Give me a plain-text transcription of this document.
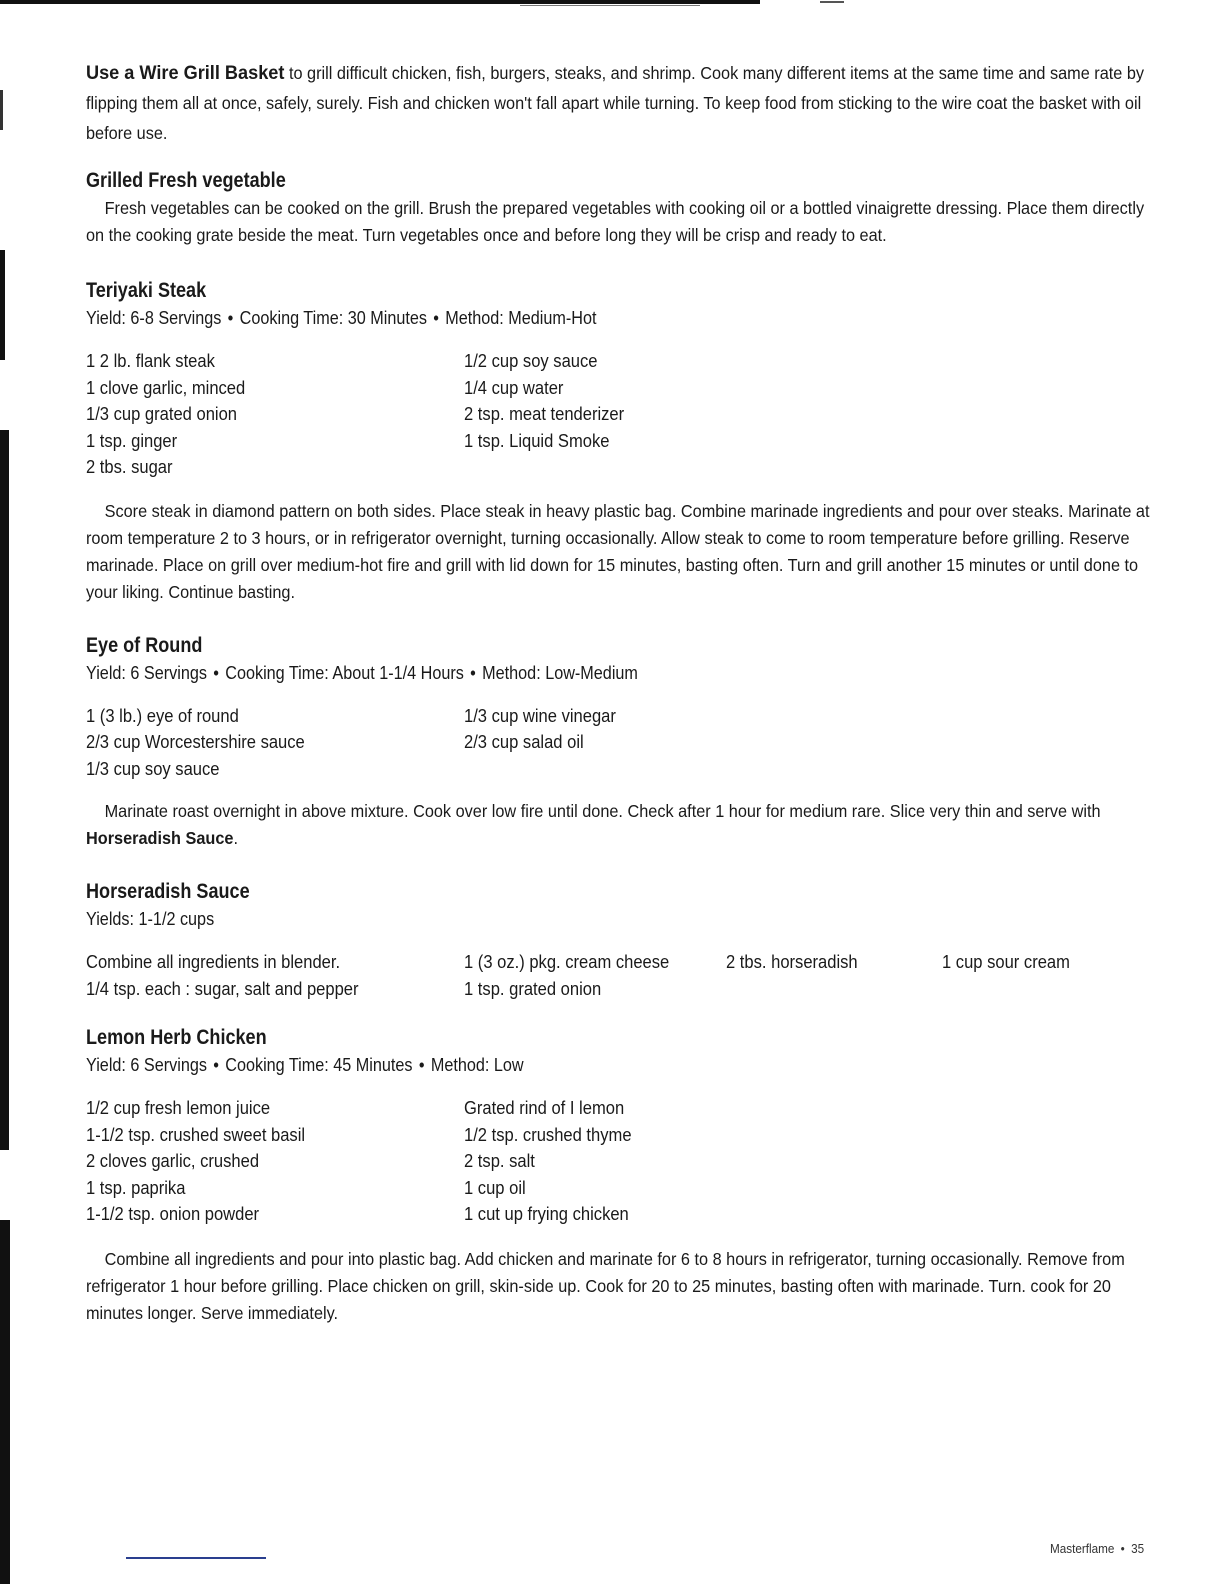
Use a Wire Grill Basket to grill difficult chicken, fish, burgers, steaks, and shrimp. Cook many different items at the same time and same rate by flipping them all at once, safely, surely. Fish and chicken won't fall apart while turning. To keep food from sticking to the wire coat the basket with oil before use.

Grilled Fresh vegetable

Fresh vegetables can be cooked on the grill. Brush the prepared vegetables with cooking oil or a bottled vinaigrette dressing. Place them directly on the cooking grate beside the meat. Turn vegetables once and before long they will be crisp and ready to eat.

Teriyaki Steak
Yield: 6-8 Servings • Cooking Time: 30 Minutes • Method: Medium-Hot
1 2 lb. flank steak
1 clove garlic, minced
1/3 cup grated onion
1 tsp. ginger
2 tbs. sugar
1/2 cup soy sauce
1/4 cup water
2 tsp. meat tenderizer
1 tsp. Liquid Smoke

Score steak in diamond pattern on both sides. Place steak in heavy plastic bag. Combine marinade ingredients and pour over steaks. Marinate at room temperature 2 to 3 hours, or in refrigerator overnight, turning occasionally. Allow steak to come to room temperature before grilling. Reserve marinade. Place on grill over medium-hot fire and grill with lid down for 15 minutes, basting often. Turn and grill another 15 minutes or until done to your liking. Continue basting.

Eye of Round
Yield: 6 Servings • Cooking Time: About 1-1/4 Hours • Method: Low-Medium
1 (3 lb.) eye of round
2/3 cup Worcestershire sauce
1/3 cup soy sauce
1/3 cup wine vinegar
2/3 cup salad oil

Marinate roast overnight in above mixture. Cook over low fire until done. Check after 1 hour for medium rare. Slice very thin and serve with Horseradish Sauce.

Horseradish Sauce
Yields: 1-1/2 cups
Combine all ingredients in blender.
1/4 tsp. each : sugar, salt and pepper
1 (3 oz.) pkg. cream cheese
1 tsp. grated onion
2 tbs. horseradish	1 cup sour cream
Lemon Herb Chicken
Yield: 6 Servings • Cooking Time: 45 Minutes • Method: Low
1/2 cup fresh lemon juice
1-1/2 tsp. crushed sweet basil
2 cloves garlic, crushed
1 tsp. paprika
1-1/2 tsp. onion powder
Grated rind of I lemon
1/2 tsp. crushed thyme
2 tsp. salt
1 cup oil
1 cut up frying chicken

Combine all ingredients and pour into plastic bag. Add chicken and marinate for 6 to 8 hours in refrigerator, turning occasionally. Remove from refrigerator 1 hour before grilling. Place chicken on grill, skin-side up. Cook for 20 to 25 minutes, basting often with marinade. Turn. cook for 20 minutes longer. Serve immediately.

Masterflame • 35
